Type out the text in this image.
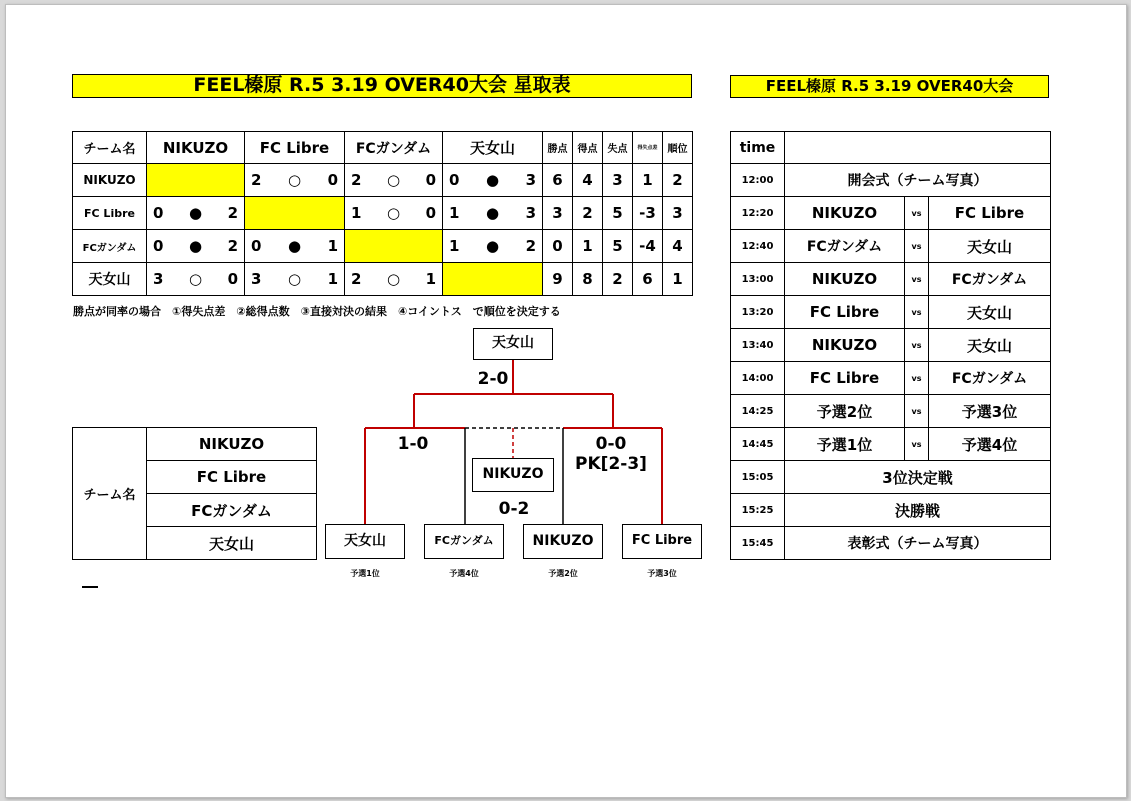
FEEL榛原 R.5 3.19 OVER40大会 星取表	FEEL榛原 R.5 3.19 OVER40大会
チーム名	NIKUZO	FC Libre	FCガンダム	天女山	勝点	得点	失点	得失点差	順位
NIKUZO		2 ○ 0	2 ○ 0	0 ● 3	6	4	3	1	2
FC Libre	0 ● 2		1 ○ 0	1 ● 3	3	2	5	-3	3
FCガンダム	0 ● 2	0 ● 1		1 ● 2	0	1	5	-4	4
天女山	3 ○ 0	3 ○ 1	2 ○ 1		9	8	2	6	1
勝点が同率の場合　①得失点差　②総得点数　③直接対決の結果　④コイントス　で順位を決定する
チーム名	NIKUZO
FC Libre
FCガンダム
天女山
天女山
2-0
1-0	0-0
PK[2-3]
NIKUZO
0-2
天女山	FCガンダム	NIKUZO	FC Libre
予選1位	予選4位	予選2位	予選3位
time			
12:00	開会式（チーム写真）		
12:20	NIKUZO	vs	FC Libre
12:40	FCガンダム	vs	天女山
13:00	NIKUZO	vs	FCガンダム
13:20	FC Libre	vs	天女山
13:40	NIKUZO	vs	天女山
14:00	FC Libre	vs	FCガンダム
14:25	予選2位	vs	予選3位
14:45	予選1位	vs	予選4位
15:05	3位決定戦		
15:25	決勝戦		
15:45	表彰式（チーム写真）		
